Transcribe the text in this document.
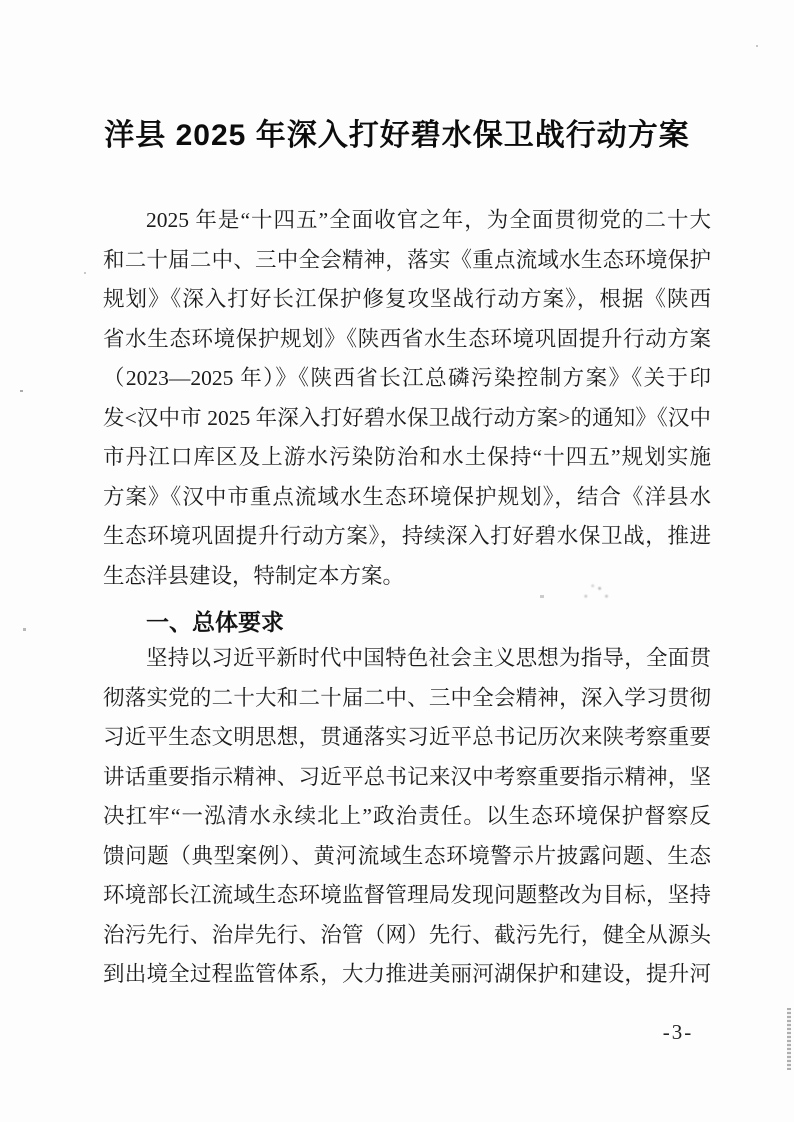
洋县 2025 年深入打好碧水保卫战行动方案
2025 年是“十四五”全面收官之年，为全面贯彻党的二十大
和二十届二中、三中全会精神，落实《重点流域水生态环境保护
规划》《深入打好长江保护修复攻坚战行动方案》，根据《陕西
省水生态环境保护规划》《陕西省水生态环境巩固提升行动方案
（2023—2025 年）》《陕西省长江总磷污染控制方案》《关于印
发<汉中市 2025 年深入打好碧水保卫战行动方案>的通知》《汉中
市丹江口库区及上游水污染防治和水土保持“十四五”规划实施
方案》《汉中市重点流域水生态环境保护规划》，结合《洋县水
生态环境巩固提升行动方案》，持续深入打好碧水保卫战，推进
生态洋县建设，特制定本方案。
一、总体要求
坚持以习近平新时代中国特色社会主义思想为指导，全面贯
彻落实党的二十大和二十届二中、三中全会精神，深入学习贯彻
习近平生态文明思想，贯通落实习近平总书记历次来陕考察重要
讲话重要指示精神、习近平总书记来汉中考察重要指示精神，坚
决扛牢“一泓清水永续北上”政治责任。以生态环境保护督察反
馈问题（典型案例）、黄河流域生态环境警示片披露问题、生态
环境部长江流域生态环境监督管理局发现问题整改为目标，坚持
治污先行、治岸先行、治管（网）先行、截污先行，健全从源头
到出境全过程监管体系，大力推进美丽河湖保护和建设，提升河
-3-
